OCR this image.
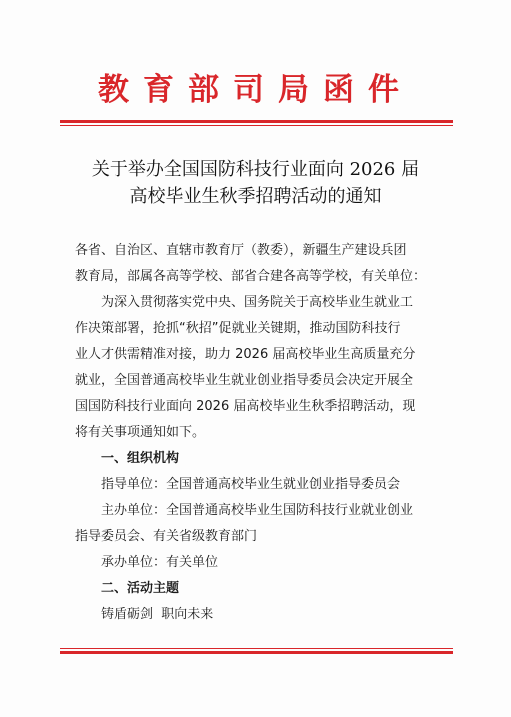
教育部司局函件
关于举办全国国防科技行业面向 2026 届
高校毕业生秋季招聘活动的通知
各省、自治区、直辖市教育厅（教委），新疆生产建设兵团
教育局，部属各高等学校、部省合建各高等学校，有关单位：
为深入贯彻落实党中央、国务院关于高校毕业生就业工
作决策部署，抢抓“秋招”促就业关键期，推动国防科技行
业人才供需精准对接，助力 2026 届高校毕业生高质量充分
就业，全国普通高校毕业生就业创业指导委员会决定开展全
国国防科技行业面向 2026 届高校毕业生秋季招聘活动，现
将有关事项通知如下。
一、组织机构
指导单位：全国普通高校毕业生就业创业指导委员会
主办单位：全国普通高校毕业生国防科技行业就业创业
指导委员会、有关省级教育部门
承办单位：有关单位
二、活动主题
铸盾砺剑  职向未来
